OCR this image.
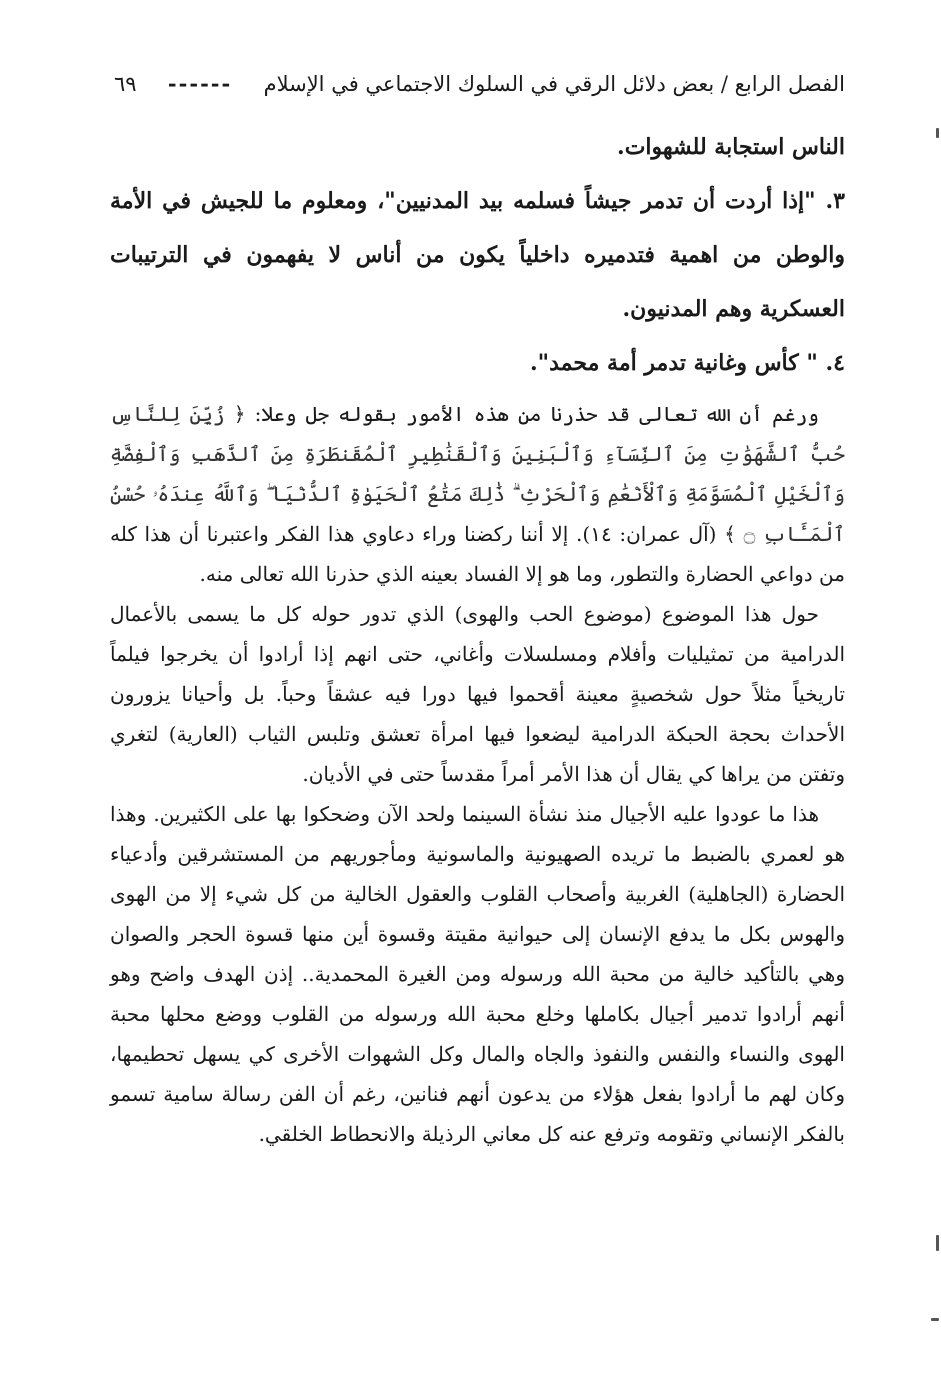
الفصل الرابع / بعض دلائل الرقي في السلوك الاجتماعي في الإسلام
------
٦٩

الناس استجابة للشهوات.

٣. "إذا أردت أن تدمر جيشاً فسلمه بيد المدنيين"، ومعلوم ما للجيش في الأمة والوطن من اهمية فتدميره داخلياً يكون من أناس لا يفهمون في الترتيبات العسكرية وهم المدنيون.

٤. " كأس وغانية تدمر أمة محمد".

ورغم أن الله تعالى قد حذرنا من هذه الأمور بقوله جل وعلا: ﴿ زُيِّنَ لِلنَّاسِ حُبُّ ٱلشَّهَوَٰتِ مِنَ ٱلنِّسَآءِ وَٱلْبَنِينَ وَٱلْقَنَٰطِيرِ ٱلْمُقَنطَرَةِ مِنَ ٱلذَّهَبِ وَٱلْفِضَّةِ وَٱلْخَيْلِ ٱلْمُسَوَّمَةِ وَٱلْأَنْعَٰمِ وَٱلْحَرْثِ ۗ ذَٰلِكَ مَتَٰعُ ٱلْحَيَوٰةِ ٱلدُّنْيَا ۖ وَٱللَّهُ عِندَهُۥ حُسْنُ ٱلْمَـَٔابِ ۝ ﴾ (آل عمران: ١٤). إلا أننا ركضنا وراء دعاوي هذا الفكر واعتبرنا أن هذا كله من دواعي الحضارة والتطور، وما هو إلا الفساد بعينه الذي حذرنا الله تعالى منه.

حول هذا الموضوع (موضوع الحب والهوى) الذي تدور حوله كل ما يسمى بالأعمال الدرامية من تمثيليات وأفلام ومسلسلات وأغاني، حتى انهم إذا أرادوا أن يخرجوا فيلماً تاريخياً مثلاً حول شخصيةٍ معينة أقحموا فيها دورا فيه عشقاً وحباً. بل وأحيانا يزورون الأحداث بحجة الحبكة الدرامية ليضعوا فيها امرأة تعشق وتلبس الثياب (العارية) لتغري وتفتن من يراها كي يقال أن هذا الأمر أمراً مقدساً حتى في الأديان.

هذا ما عودوا عليه الأجيال منذ نشأة السينما ولحد الآن وضحكوا بها على الكثيرين. وهذا هو لعمري بالضبط ما تريده الصهيونية والماسونية ومأجوريهم من المستشرقين وأدعياء الحضارة (الجاهلية) الغربية وأصحاب القلوب والعقول الخالية من كل شيء إلا من الهوى والهوس بكل ما يدفع الإنسان إلى حيوانية مقيتة وقسوة أين منها قسوة الحجر والصوان وهي بالتأكيد خالية من محبة الله ورسوله ومن الغيرة المحمدية.. إذن الهدف واضح وهو أنهم أرادوا تدمير أجيال بكاملها وخلع محبة الله ورسوله من القلوب ووضع محلها محبة الهوى والنساء والنفس والنفوذ والجاه والمال وكل الشهوات الأخرى كي يسهل تحطيمها، وكان لهم ما أرادوا بفعل هؤلاء من يدعون أنهم فنانين، رغم أن الفن رسالة سامية تسمو بالفكر الإنساني وتقومه وترفع عنه كل معاني الرذيلة والانحطاط الخلقي.
